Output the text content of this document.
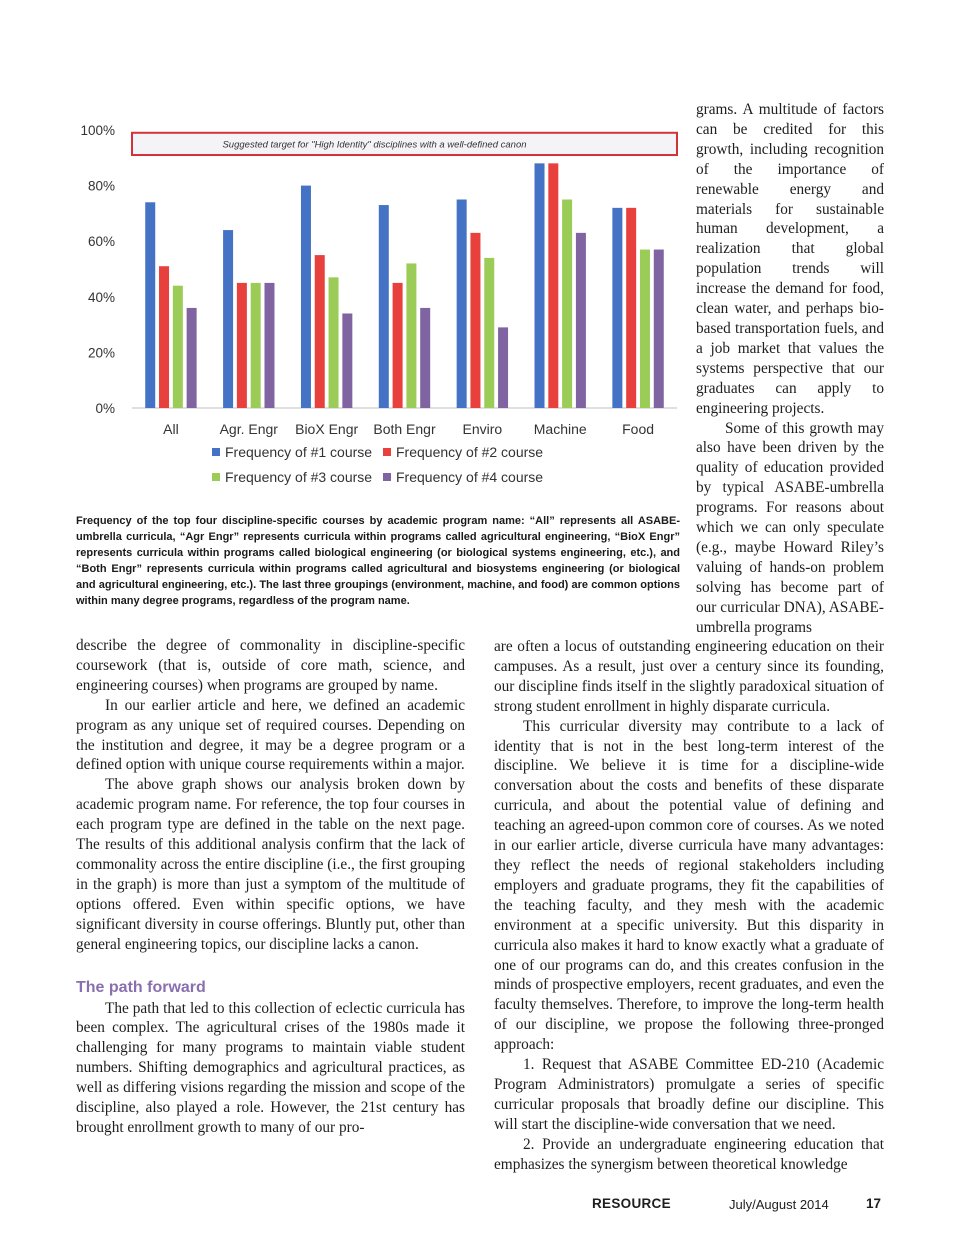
0%
20%
40%
60%
80%
100%
Suggested target for "High Identity" disciplines with a well-defined canon
All	Agr. Engr BioX Engr Both Engr Enviro Machine	Food
Frequency of #1 course Frequency of #2 course
Frequency of #3 course Frequency of #4 course

Frequency of the top four discipline-specific courses by academic program name: “All” represents all ASABE-umbrella curricula, “Agr Engr” represents curricula within programs called agricultural engineering, “BioX Engr” represents curricula within programs called biological engineering (or biological systems engineering, etc.), and “Both Engr” represents curricula within programs called agricultural and biosystems engineering (or biological and agricultural engineering, etc.). The last three groupings (environment, machine, and food) are common options within many degree programs, regardless of the program name.

grams. A multitude of factors can be credited for this growth, including recognition of the importance of renewable energy and materials for sustainable human development, a realization that global population trends will increase the demand for food, clean water, and perhaps bio-based transportation fuels, and a job market that values the systems perspective that our graduates can apply to engineering projects.

Some of this growth may also have been driven by the quality of education provided by typical ASABE-umbrella programs. For reasons about which we can only speculate (e.g., maybe Howard Riley’s valuing of hands-on problem solving has become part of our curricular DNA), ASABE-umbrella programs

describe the degree of commonality in discipline-specific coursework (that is, outside of core math, science, and engineering courses) when programs are grouped by name.

In our earlier article and here, we defined an academic program as any unique set of required courses. Depending on the institution and degree, it may be a degree program or a defined option with unique course requirements within a major.

The above graph shows our analysis broken down by academic program name. For reference, the top four courses in each program type are defined in the table on the next page. The results of this additional analysis confirm that the lack of commonality across the entire discipline (i.e., the first grouping in the graph) is more than just a symptom of the multitude of options offered. Even within specific options, we have significant diversity in course offerings. Bluntly put, other than general engineering topics, our discipline lacks a canon.

The path forward

The path that led to this collection of eclectic curricula has been complex. The agricultural crises of the 1980s made it challenging for many programs to maintain viable student numbers. Shifting demographics and agricultural practices, as well as differing visions regarding the mission and scope of the discipline, also played a role. However, the 21st century has brought enrollment growth to many of our pro-

are often a locus of outstanding engineering education on their campuses. As a result, just over a century since its founding, our discipline finds itself in the slightly paradoxical situation of strong student enrollment in highly disparate curricula.

This curricular diversity may contribute to a lack of identity that is not in the best long-term interest of the discipline. We believe it is time for a discipline-wide conversation about the costs and benefits of these disparate curricula, and about the potential value of defining and teaching an agreed-upon common core of courses. As we noted in our earlier article, diverse curricula have many advantages: they reflect the needs of regional stakeholders including employers and graduate programs, they fit the capabilities of the teaching faculty, and they mesh with the academic environment at a specific university. But this disparity in curricula also makes it hard to know exactly what a graduate of one of our programs can do, and this creates confusion in the minds of prospective employers, recent graduates, and even the faculty themselves. Therefore, to improve the long-term health of our discipline, we propose the following three-pronged approach:

1. Request that ASABE Committee ED-210 (Academic Program Administrators) promulgate a series of specific curricular proposals that broadly define our discipline. This will start the discipline-wide conversation that we need.

2. Provide an undergraduate engineering education that emphasizes the synergism between theoretical knowledge

RESOURCE	July/August 2014	17
